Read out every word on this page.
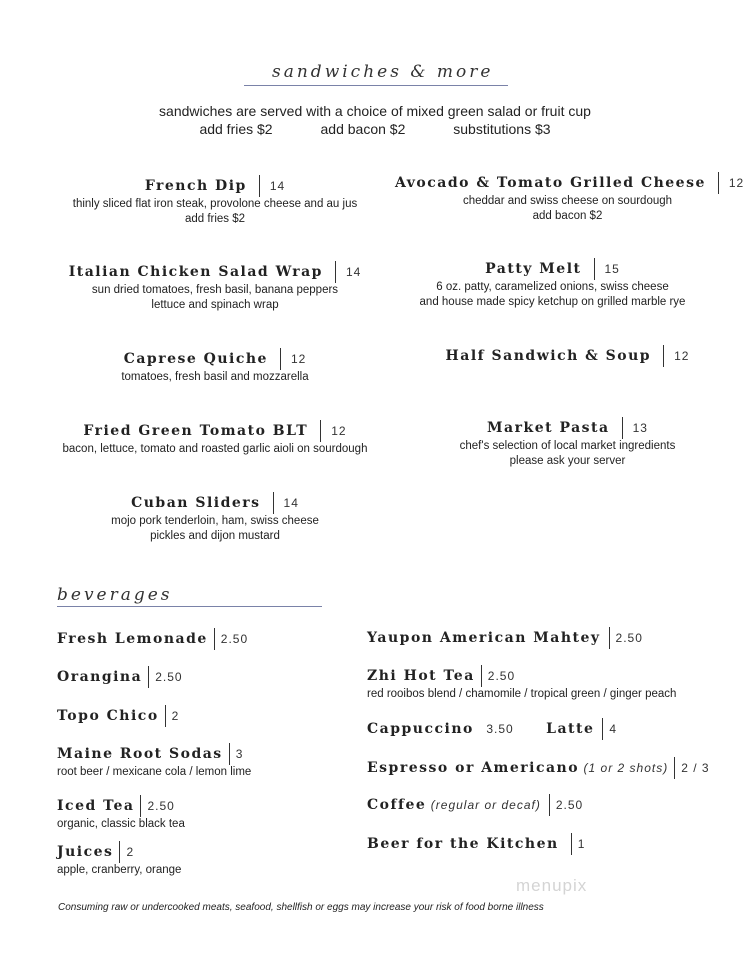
sandwiches & more
sandwiches are served with a choice of mixed green salad or fruit cup
add fries $2	add bacon $2	substitutions $3
French Dip 14
thinly sliced flat iron steak, provolone cheese and au jus
add fries $2
Italian Chicken Salad Wrap 14
sun dried tomatoes, fresh basil, banana peppers
lettuce and spinach wrap
Caprese Quiche 12
tomatoes, fresh basil and mozzarella
Fried Green Tomato BLT 12
bacon, lettuce, tomato and roasted garlic aioli on sourdough
Cuban Sliders 14
mojo pork tenderloin, ham, swiss cheese
pickles and dijon mustard
Avocado & Tomato Grilled Cheese 12
cheddar and swiss cheese on sourdough
add bacon $2
Patty Melt 15
6 oz. patty, caramelized onions, swiss cheese
and house made spicy ketchup on grilled marble rye
Half Sandwich & Soup 12
Market Pasta 13
chef's selection of local market ingredients
please ask your server
beverages
Fresh Lemonade 2.50
Orangina 2.50
Topo Chico 2
Maine Root Sodas 3
root beer / mexicane cola / lemon lime
Iced Tea 2.50
organic, classic black tea
Juices 2
apple, cranberry, orange
Yaupon American Mahtey 2.50
Zhi Hot Tea 2.50
red rooibos blend / chamomile / tropical green / ginger peach
Cappuccino 3.50 Latte 4
Espresso or Americano (1 or 2 shots) 2 / 3
Coffee (regular or decaf) 2.50
Beer for the Kitchen 1
menupix
Consuming raw or undercooked meats, seafood, shellfish or eggs may increase your risk of food borne illness
